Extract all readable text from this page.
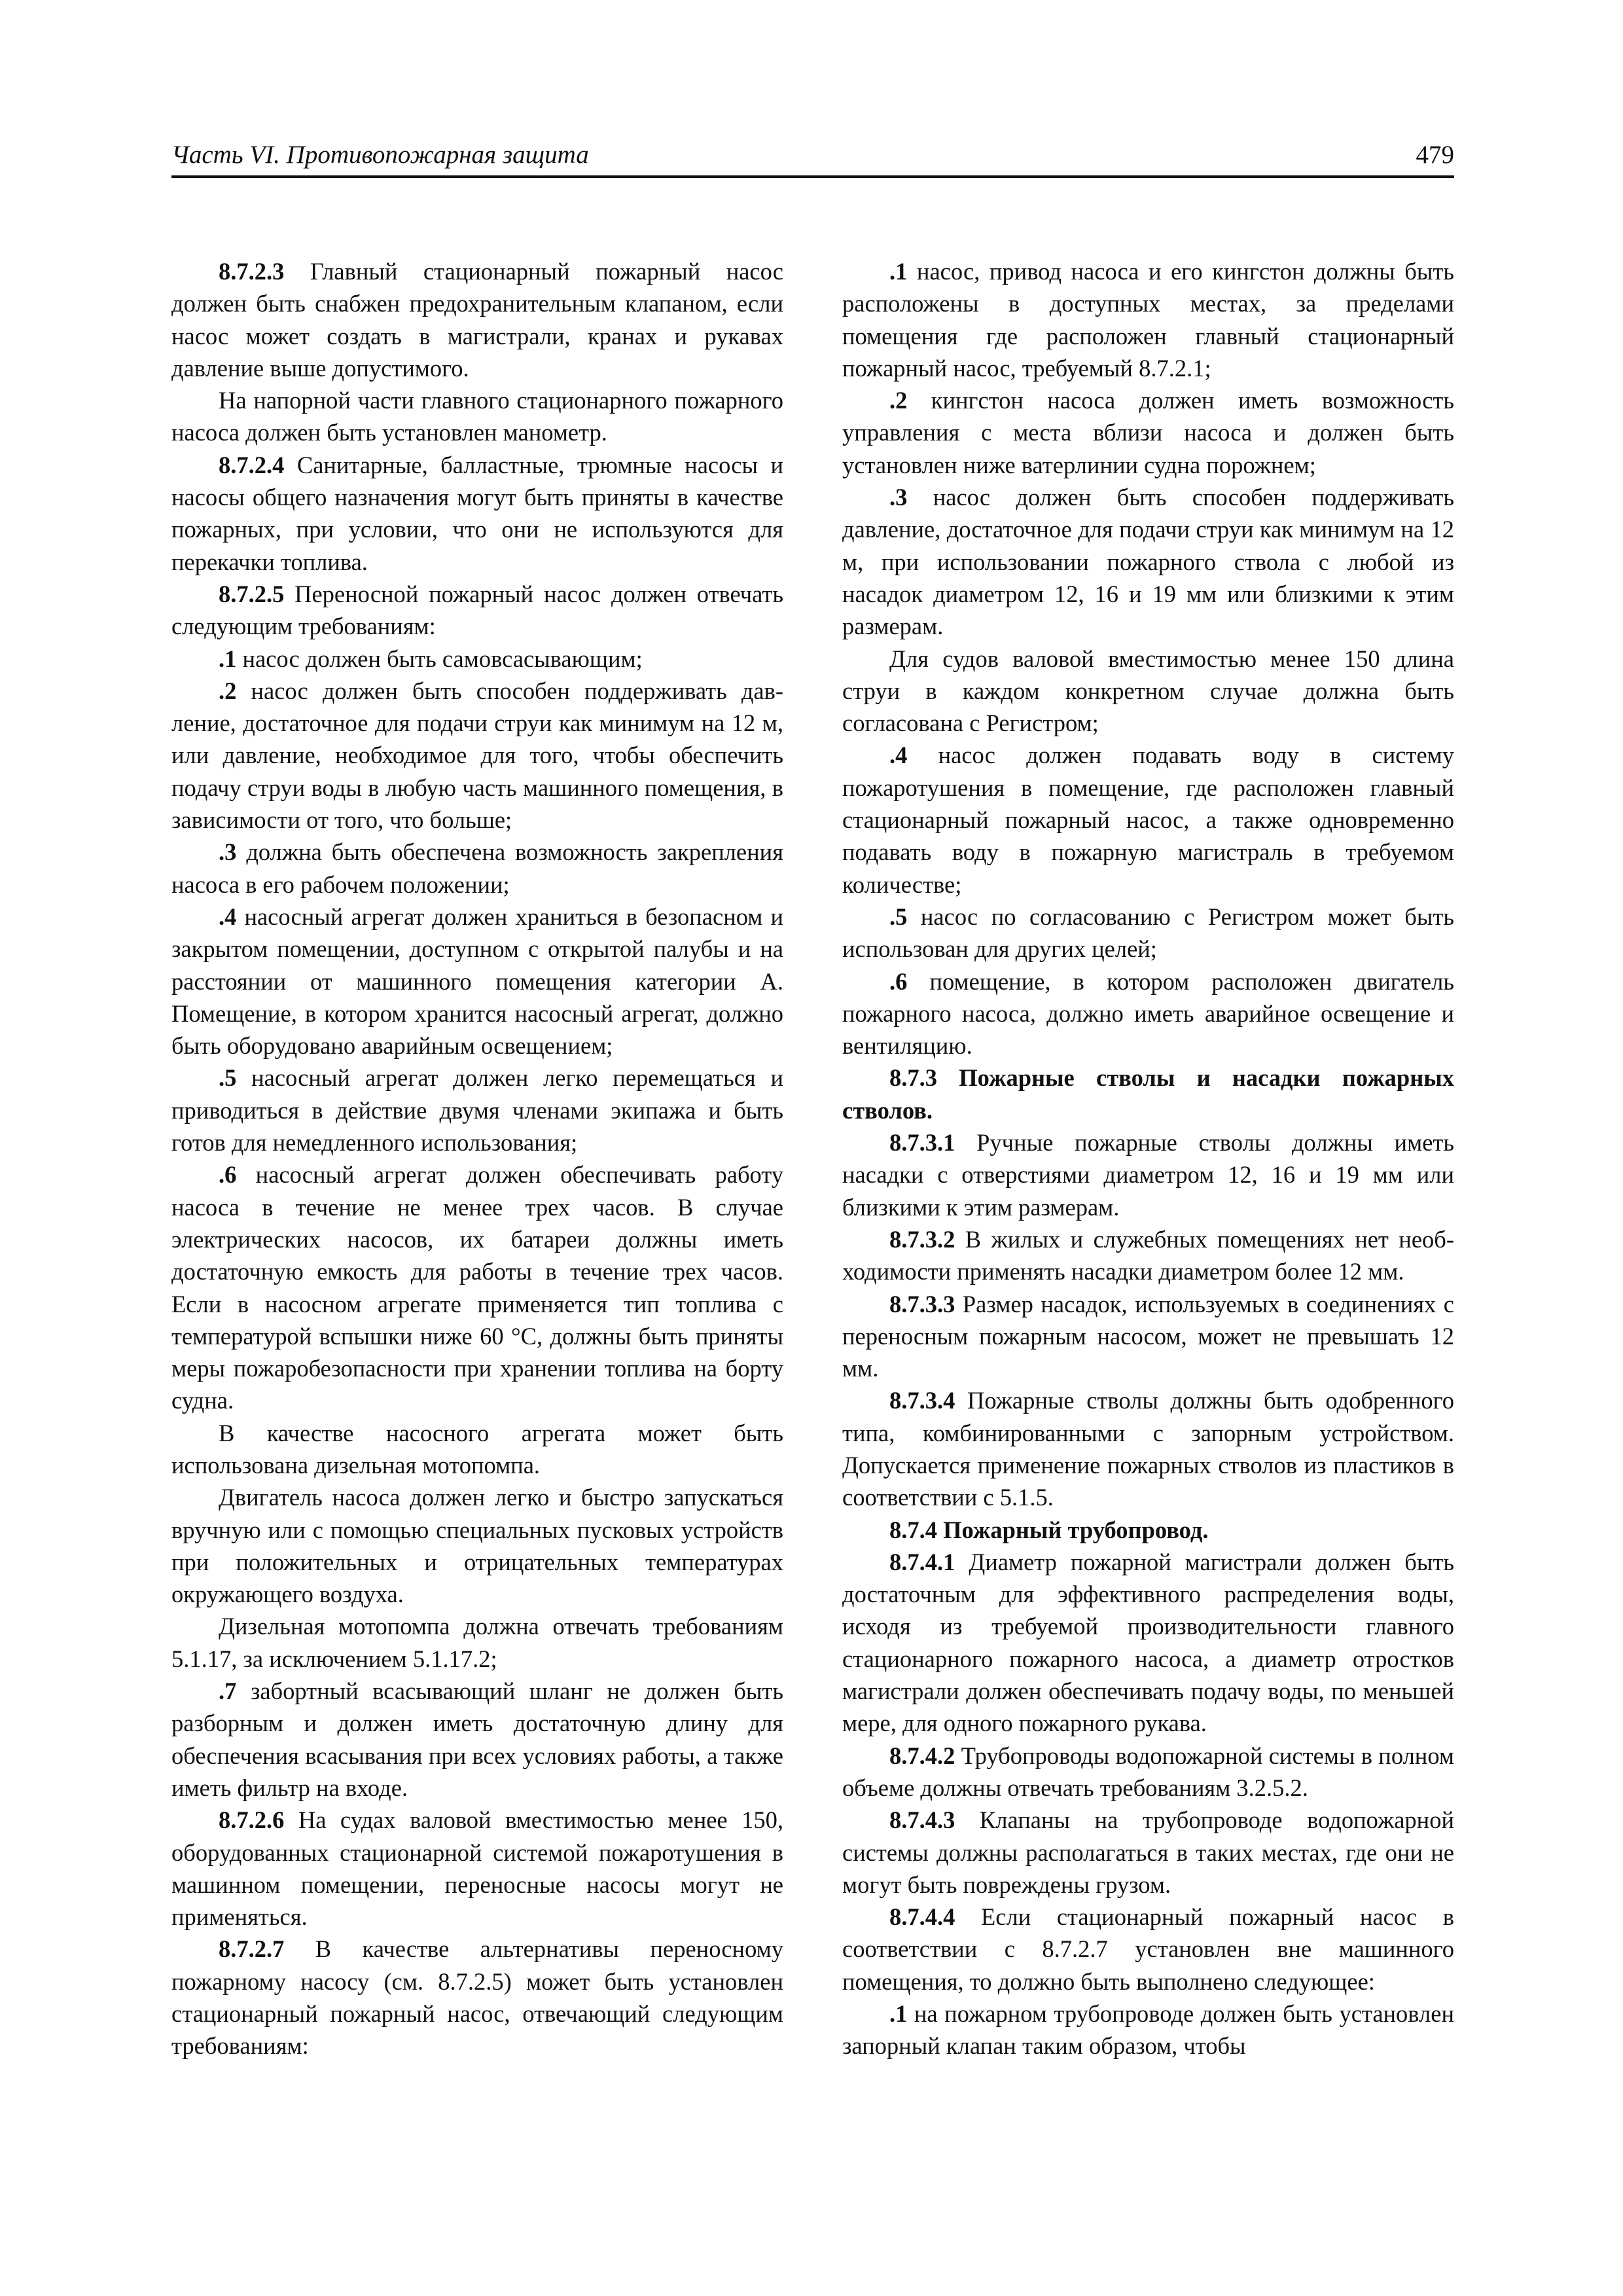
Часть VI. Противопожарная защита	479

8.7.2.3 Главный стационарный пожарный насос должен быть снабжен предохранительным клапаном, если насос может создать в магистрали, кранах и рукавах давление выше допустимого.

На напорной части главного стационарного пожарного насоса должен быть установлен манометр.

8.7.2.4 Санитарные, балластные, трюмные насосы и насосы общего назначения могут быть приняты в качестве пожарных, при условии, что они не используются для перекачки топлива.

8.7.2.5 Переносной пожарный насос должен отвечать следующим требованиям:

.1 насос должен быть самовсасывающим;

.2 насос должен быть способен поддерживать давление, достаточное для подачи струи как минимум на 12 м, или давление, необходимое для того, чтобы обеспечить подачу струи воды в любую часть машинного помещения, в зависимости от того, что больше;

.3 должна быть обеспечена возможность закрепления насоса в его рабочем положении;

.4 насосный агрегат должен храниться в безопасном и закрытом помещении, доступном с открытой палубы и на расстоянии от машинного помещения категории А. Помещение, в котором хранится насосный агрегат, должно быть оборудовано аварийным освещением;

.5 насосный агрегат должен легко перемещаться и приводиться в действие двумя членами экипажа и быть готов для немедленного использования;

.6 насосный агрегат должен обеспечивать работу насоса в течение не менее трех часов. В случае электрических насосов, их батареи должны иметь достаточную емкость для работы в течение трех часов. Если в насосном агрегате применяется тип топлива с температурой вспышки ниже 60 °С, должны быть приняты меры пожаробезопасности при хранении топлива на борту судна.

В качестве насосного агрегата может быть использована дизельная мотопомпа.

Двигатель насоса должен легко и быстро запускаться вручную или с помощью специальных пусковых устройств при положительных и отрицательных температурах окружающего воздуха.

Дизельная мотопомпа должна отвечать требованиям 5.1.17, за исключением 5.1.17.2;

.7 забортный всасывающий шланг не должен быть разборным и должен иметь достаточную длину для обеспечения всасывания при всех условиях работы, а также иметь фильтр на входе.

8.7.2.6 На судах валовой вместимостью менее 150, оборудованных стационарной системой пожаротушения в машинном помещении, переносные насосы могут не применяться.

8.7.2.7 В качестве альтернативы переносному пожарному насосу (см. 8.7.2.5) может быть установлен стационарный пожарный насос, отвечающий следующим требованиям:

.1 насос, привод насоса и его кингстон должны быть расположены в доступных местах, за пределами помещения где расположен главный стационарный пожарный насос, требуемый 8.7.2.1;

.2 кингстон насоса должен иметь возможность управления с места вблизи насоса и должен быть установлен ниже ватерлинии судна порожнем;

.3 насос должен быть способен поддерживать давление, достаточное для подачи струи как минимум на 12 м, при использовании пожарного ствола с любой из насадок диаметром 12, 16 и 19 мм или близкими к этим размерам.

Для судов валовой вместимостью менее 150 длина струи в каждом конкретном случае должна быть согласована с Регистром;

.4 насос должен подавать воду в систему пожаротушения в помещение, где расположен главный стационарный пожарный насос, а также одновременно подавать воду в пожарную магистраль в требуемом количестве;

.5 насос по согласованию с Регистром может быть использован для других целей;

.6 помещение, в котором расположен двигатель пожарного насоса, должно иметь аварийное освещение и вентиляцию.

8.7.3 Пожарные стволы и насадки пожарных стволов.

8.7.3.1 Ручные пожарные стволы должны иметь насадки с отверстиями диаметром 12, 16 и 19 мм или близкими к этим размерам.

8.7.3.2 В жилых и служебных помещениях нет необходимости применять насадки диаметром более 12 мм.

8.7.3.3 Размер насадок, используемых в соединениях с переносным пожарным насосом, может не превышать 12 мм.

8.7.3.4 Пожарные стволы должны быть одобренного типа, комбинированными с запорным устройством. Допускается применение пожарных стволов из пластиков в соответствии с 5.1.5.

8.7.4 Пожарный трубопровод.

8.7.4.1 Диаметр пожарной магистрали должен быть достаточным для эффективного распределения воды, исходя из требуемой производительности главного стационарного пожарного насоса, а диаметр отростков магистрали должен обеспечивать подачу воды, по меньшей мере, для одного пожарного рукава.

8.7.4.2 Трубопроводы водопожарной системы в полном объеме должны отвечать требованиям 3.2.5.2.

8.7.4.3 Клапаны на трубопроводе водопожарной системы должны располагаться в таких местах, где они не могут быть повреждены грузом.

8.7.4.4 Если стационарный пожарный насос в соответствии с 8.7.2.7 установлен вне машинного помещения, то должно быть выполнено следующее:

.1 на пожарном трубопроводе должен быть установлен запорный клапан таким образом, чтобы
